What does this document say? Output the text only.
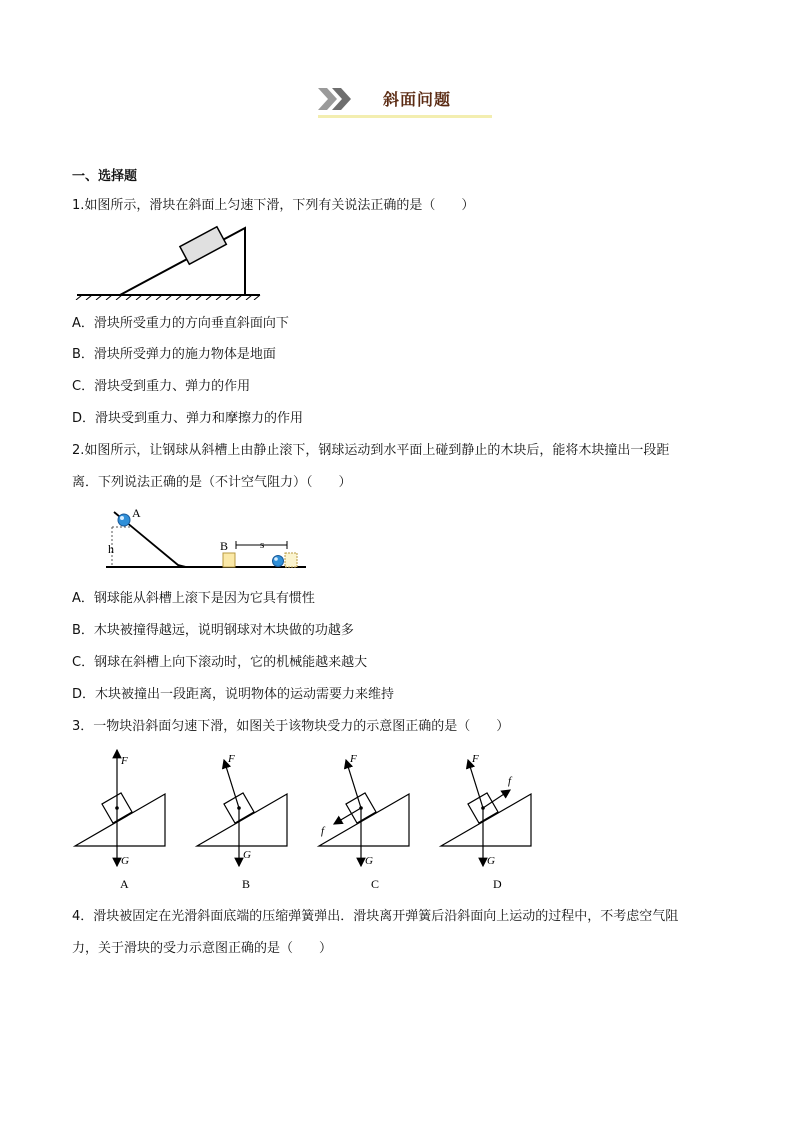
斜面问题
一、选择题
1.如图所示，滑块在斜面上匀速下滑，下列有关说法正确的是（　　）
A．滑块所受重力的方向垂直斜面向下
B．滑块所受弹力的施力物体是地面
C．滑块受到重力、弹力的作用
D．滑块受到重力、弹力和摩擦力的作用
2.如图所示，让钢球从斜槽上由静止滚下，钢球运动到水平面上碰到静止的木块后，能将木块撞出一段距
离．下列说法正确的是（不计空气阻力）（　　）
A
h	B	s
A．钢球能从斜槽上滚下是因为它具有惯性
B．木块被撞得越远，说明钢球对木块做的功越多
C．钢球在斜槽上向下滚动时，它的机械能越来越大
D．木块被撞出一段距离，说明物体的运动需要力来维持
3．一物块沿斜面匀速下滑，如图关于该物块受力的示意图正确的是（　　）
F
G
A
F
G
B
F
G
f
C
F
G
f
D
4．滑块被固定在光滑斜面底端的压缩弹簧弹出．滑块离开弹簧后沿斜面向上运动的过程中，不考虑空气阻
力，关于滑块的受力示意图正确的是（　　）
